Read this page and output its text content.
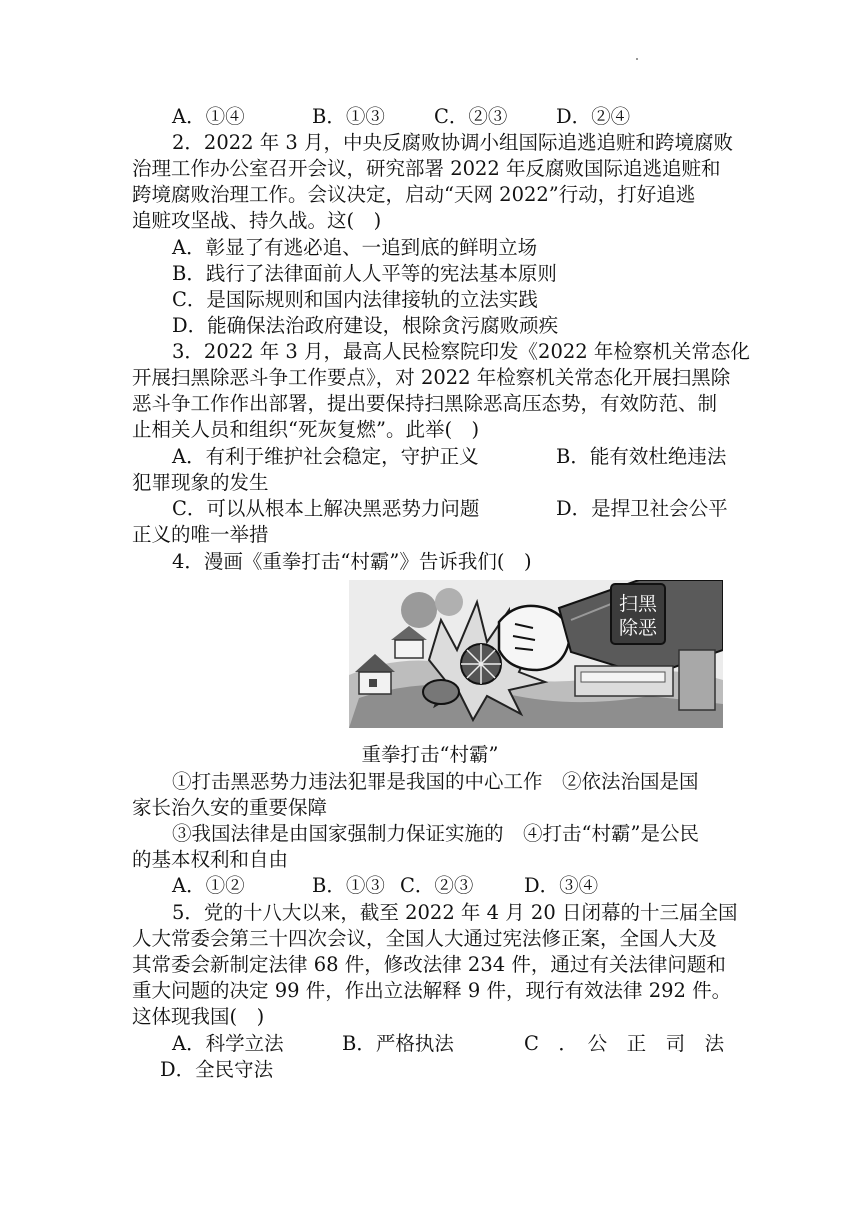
A．①④	B．①③	C．②③	D．②④
2．2022 年 3 月，中央反腐败协调小组国际追逃追赃和跨境腐败
治理工作办公室召开会议，研究部署 2022 年反腐败国际追逃追赃和
跨境腐败治理工作。会议决定，启动“天网 2022”行动，打好追逃
追赃攻坚战、持久战。这(　)
A．彰显了有逃必追、一追到底的鲜明立场
B．践行了法律面前人人平等的宪法基本原则
C．是国际规则和国内法律接轨的立法实践
D．能确保法治政府建设，根除贪污腐败顽疾
3．2022 年 3 月，最高人民检察院印发《2022 年检察机关常态化
开展扫黑除恶斗争工作要点》，对 2022 年检察机关常态化开展扫黑除
恶斗争工作作出部署，提出要保持扫黑除恶高压态势，有效防范、制
止相关人员和组织“死灰复燃”。此举(　)
A．有利于维护社会稳定，守护正义	B．能有效杜绝违法
犯罪现象的发生
C．可以从根本上解决黑恶势力问题	D．是捍卫社会公平
正义的唯一举措
4．漫画《重拳打击“村霸”》告诉我们(　)
扫黑
除恶
重拳打击“村霸”
①打击黑恶势力违法犯罪是我国的中心工作　②依法治国是国
家长治久安的重要保障
③我国法律是由国家强制力保证实施的　④打击“村霸”是公民
的基本权利和自由
A．①②	B．①③ C．②③	D．③④
5．党的十八大以来，截至 2022 年 4 月 20 日闭幕的十三届全国
人大常委会第三十四次会议，全国人大通过宪法修正案，全国人大及
其常委会新制定法律 68 件，修改法律 234 件，通过有关法律问题和
重大问题的决定 99 件，作出立法解释 9 件，现行有效法律 292 件。
这体现我国(　)
A．科学立法	B．严格执法	C　．　公　正　司　法
D．全民守法
